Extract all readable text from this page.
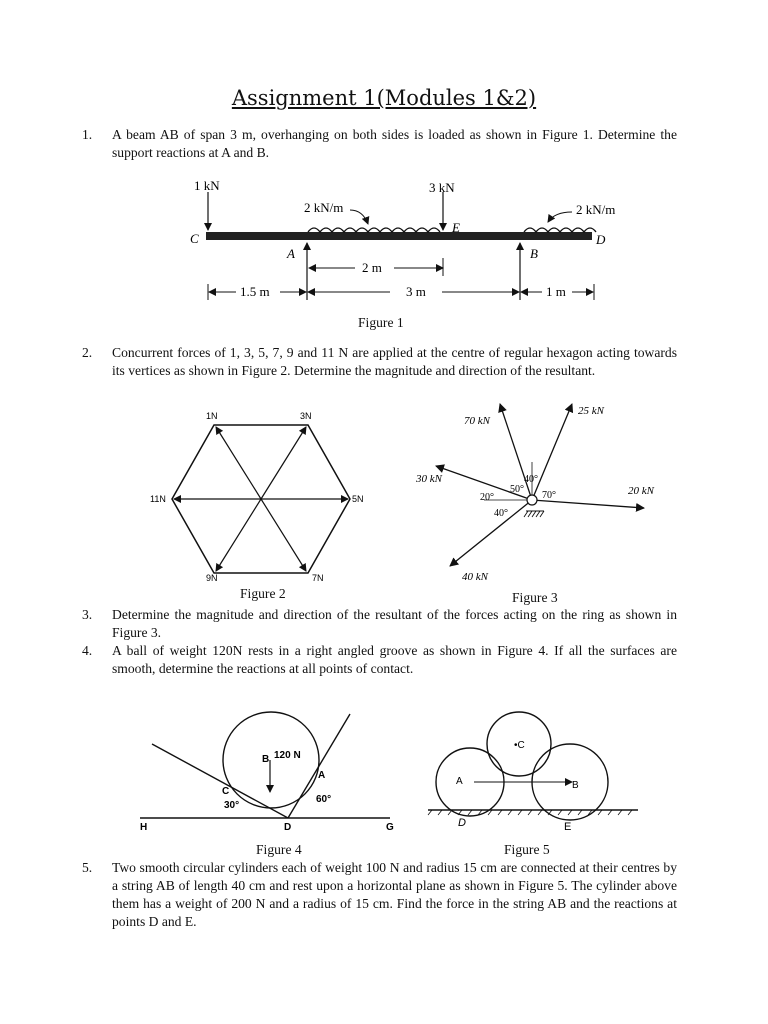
Assignment 1(Modules 1&2)
1. A beam AB of span 3 m, overhanging on both sides is loaded as shown in Figure 1. Determine the support reactions at A and B.
1 kN	3 kN
2 kN/m	2 kN/m
C
E
D
A	B
2 m
1.5 m	3 m	1 m
Figure 1
2. Concurrent forces of 1, 3, 5, 7, 9 and 11 N are applied at the centre of regular hexagon acting towards its vertices as shown in Figure 2. Determine the magnitude and direction of the resultant.
1N	3N
5N
7N
9N
11N
Figure 2
70 kN
25 kN
30 kN
20 kN
40 kN
40°
50°
70°
20°
40°
Figure 3
3. Determine the magnitude and direction of the resultant of the forces acting on the ring as shown in Figure 3.
4. A ball of weight 120N rests in a right angled groove as shown in Figure 4. If all the surfaces are smooth, determine the reactions at all points of contact.
B 120 N
A
C
30°
60°
H	D	G
Figure 4
•C
A	B
D	E
Figure 5
5. Two smooth circular cylinders each of weight 100 N and radius 15 cm are connected at their centres by a string AB of length 40 cm and rest upon a horizontal plane as shown in Figure 5. The cylinder above them has a weight of 200 N and a radius of 15 cm. Find the force in the string AB and the reactions at points D and E.
